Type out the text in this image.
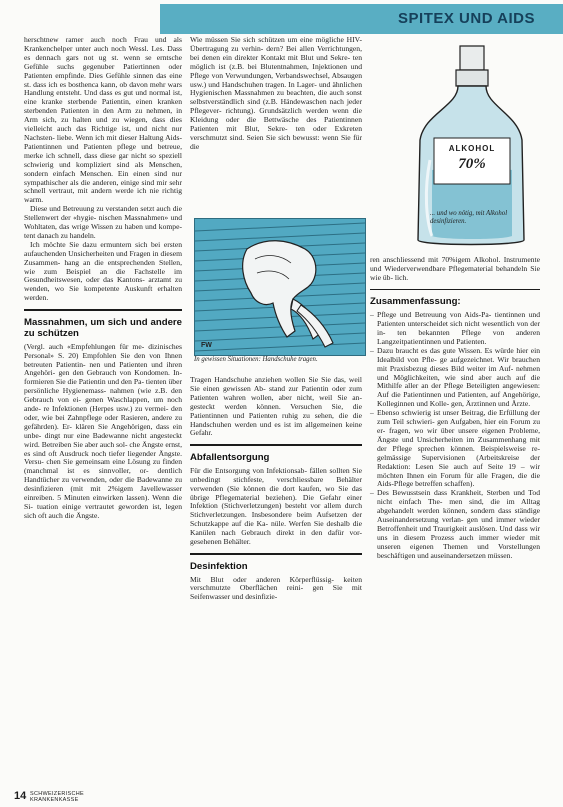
SPITEX UND AIDS

herschtnew ramer auch noch Frau und als Krankenchelper unter auch noch Wessl. Les. Dass es dennach gars not ug st. wenn se erntsche Gefühle suchs gegenuber Patiertinnen oder Patienten empfinde. Dies Gefühle sinnen das eine st. dass ich es bosthenca kann, ob davon mehr wars Handlung entsteht. Und dass es gut und normal ist, eine kranke sterbende Patientin, einen kranken sterbenden Patienten in den Arm zu nehmen, in Arm sich, zu halten und zu wiegen, dass dies vielleicht auch das Richtige ist, und nicht nur Nachsten- liebe. Wenn ich mit dieser Haltung Aids-Patientinnen und Patienten pflege und betreue, merke ich schnell, dass diese gar nicht so speziell schwierig und kompliziert sind als Menschen, sondern einfach Menschen. Ein einen sind nur sympathischer als die anderen, einige sind mir sehr schnell vertraut, mit andern werde ich nie richtig warm.

Diese und Betreuung zu verstanden setzt auch die Stellenwert der «hygie- nischen Massnahmen» und Wohltaten, das wrige Wissen zu haben und kompe- tent danach zu handeln.

Ich möchte Sie dazu ermuntern sich bei ersten aufauchenden Unsicherheiten und Fragen in diesem Zusammen- hang an die entsprechenden Stellen, wie zum Beispiel an die Fachstelle im Gesundheitswesen, oder das Kantons- arztamt zu wenden, wo Sie kompetente Auskunft erhalten werden.

Massnahmen, um sich und andere zu schützen

(Vergl. auch «Empfehlungen für me- dizinisches Personal» S. 20) Empfohlen Sie den von Ihnen betreuten Patientin- nen und Patienten und ihren Angehöri- gen den Gebrauch von Kondomen. In- formieren Sie die Patientin und den Pa- tienten über persönliche Hygienemass- nahmen (wie z.B. den Gebrauch von ei- genen Waschlappen, um noch ande- re Infektionen (Herpes usw.) zu vermei- den oder, wie bei Zahnpflege oder Rasieren, andere zu gefährden). Er- klären Sie Angehörigen, dass ein unbe- dingt nur eine Badewanne nicht angesteckt wird. Betreiben Sie aber auch sol- che Ängste ernst, es sind oft Ausdruck noch tiefer liegender Ängste. Versu- chen Sie gemeinsam eine Lösung zu finden (manchmal ist es sinnvoller, or- dentlich Handtücher zu verwenden, oder die Badewanne zu desinfizieren (mit mit 2%igem Javellewasser einreiben. 5 Minuten einwirken lassen). Wenn die Si- tuation einige vertrautet geworden ist, legen sich oft auch die Ängste.

Wie müssen Sie sich schützen um eine mögliche HIV-Übertragung zu verhin- dern? Bei allen Verrichtungen, bei denen ein direkter Kontakt mit Blut und Sekre- ten möglich ist (z.B. bei Blutentnahmen, Injektionen und Pflege von Verwundungen, Verbandswechsel, Absaugen usw.) und Handschuhen tragen. In Lager- und ähnlichen Hygienischen Massnahmen zu beachten, die auch sonst selbstverständlich sind (z.B. Händewaschen nach jeder Pflegever- richtung). Grundsätzlich werden wenn die Kleidung oder die Bettwäsche des Patientinnen Patienten mit Blut, Sekre- ten oder Exkreten verschmutzt sind. Seien Sie sich bewusst: wenn Sie für die

FW
In gewissen Situationen: Handschuhe tragen.

Tragen Handschuhe anziehen wollen Sie Sie das, weil Sie einen gewissen Ab- stand zur Patientin oder zum Patienten wahren wollen, aber nicht, weil Sie an- gesteckt werden können. Versuchen Sie, die Patientinnen und Patienten ruhig zu sehen, die die Handschuhen werden und es ist im allgemeinen keine Gefahr.

Abfallentsorgung

Für die Entsorgung von Infektionsab- fällen sollten Sie unbedingt stichfeste, verschliessbare Behälter verwenden (Sie können die dort kaufen, wo Sie das übrige Pflegematerial beziehen). Die Gefahr einer Infektion (Stichverletzungen) besteht vor allem durch Stichverletzungen. Insbesondere beim Aufsetzen der Schutzkappe auf die Ka- nüle. Werfen Sie deshalb die Kanülen nach Gebrauch direkt in den dafür vor- gesehenen Behälter.

Desinfektion

Mit Blut oder anderen Körperflüssig- keiten verschmutzte Oberflächen reini- gen Sie mit Seifenwasser und desinfizie-

ALKOHOL
70%
... und wo nötig, mit Alkohol desinfizieren.

ren anschliessend mit 70%igem Alkohol. Instrumente und Wiederverwendbare Pflegematerial behandeln Sie wie üb- lich.

Zusammenfassung:
– Pflege und Betreuung von Aids-Pa- tientinnen und Patienten unterscheidet sich nicht wesentlich von der in- ten bekannten Pflege von anderen Langzeitpatientinnen und Patienten.
– Dazu braucht es das gute Wissen. Es würde hier ein Idealbild von Pfle- ge aufgezeichnet. Wir brauchen mit Praxisbezug dieses Bild weiter im Auf- nehmen und Möglichkeiten, wie sind aber auch auf die Mithilfe aller an der Pflege Beteiligten angewiesen: Auf die Patientinnen und Patienten, auf Angehörige, Kolleginnen und Kolle- gen, Ärztinnen und Ärzte.
– Ebenso schwierig ist unser Beitrag, die Erfüllung der zum Teil schwieri- gen Aufgaben, hier ein Forum zu er- fragen, wo wir über unsere eigenen Probleme, Ängste und Unsicherheiten im Zusammenhang mit der Pflege sprechen können. Beispielsweise re- gelmässige Supervisionen (Arbeitskreise der Redaktion: Lesen Sie auch auf Seite 19 – wir möchten Ihnen ein Forum für alle Fragen, die die Aids-Pflege betreffen schaffen).
– Des Bewusstsein dass Krankheit, Sterben und Tod nicht einfach The- men sind, die im Alltag abgehandelt werden können, sondern dass ständige Auseinandersetzung verlan- gen und immer wieder Betroffenheit und Traurigkeit auslösen. Und dass wir uns in diesem Prozess auch immer wieder mit unseren eigenen Themen und Vorstellungen beschäftigen und auseinandersetzen müssen.
14 SCHWEIZERISCHE
KRANKENKASSE
